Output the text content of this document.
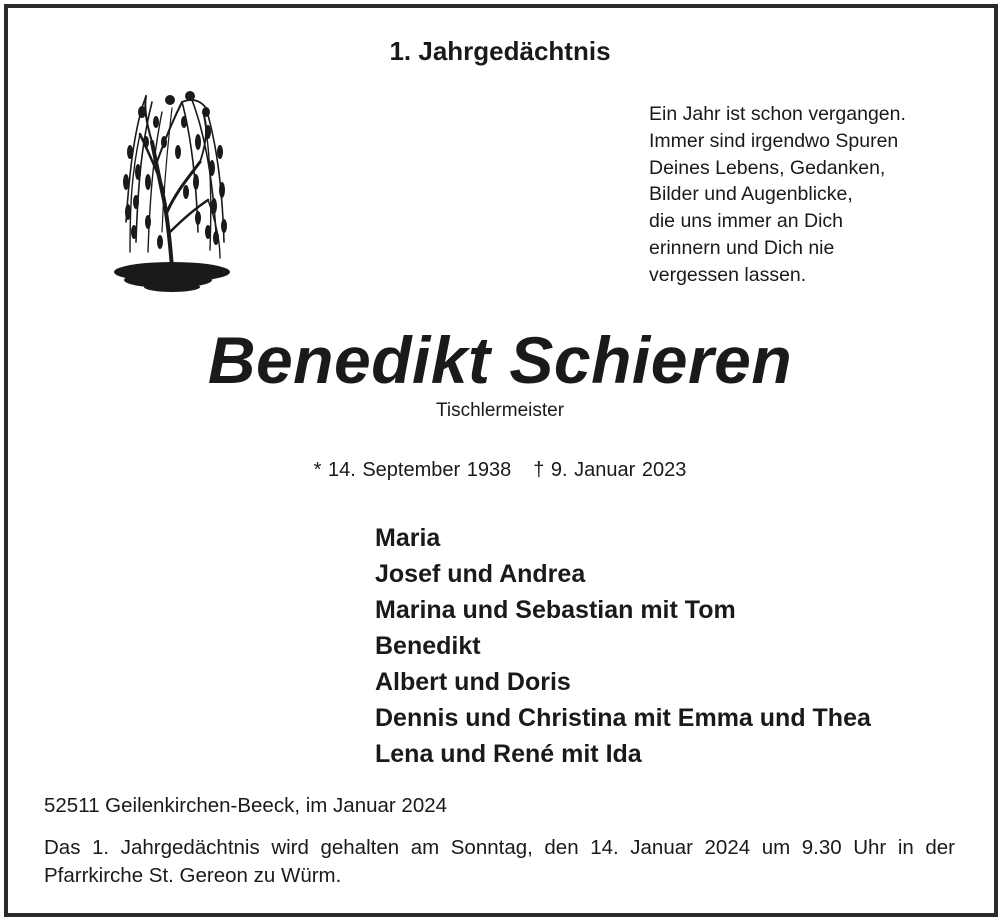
1. Jahrgedächtnis
Ein Jahr ist schon vergangen.
Immer sind irgendwo Spuren
Deines Lebens, Gedanken,
Bilder und Augenblicke,
die uns immer an Dich
erinnern und Dich nie
vergessen lassen.
Benedikt Schieren
Tischlermeister
* 14. September 1938 † 9. Januar 2023
Maria
Josef und Andrea
Marina und Sebastian mit Tom
Benedikt
Albert und Doris
Dennis und Christina mit Emma und Thea
Lena und René mit Ida
52511 Geilenkirchen-Beeck, im Januar 2024
Das 1. Jahrgedächtnis wird gehalten am Sonntag, den 14. Januar 2024 um 9.30 Uhr in der Pfarrkirche St. Gereon zu Würm.
